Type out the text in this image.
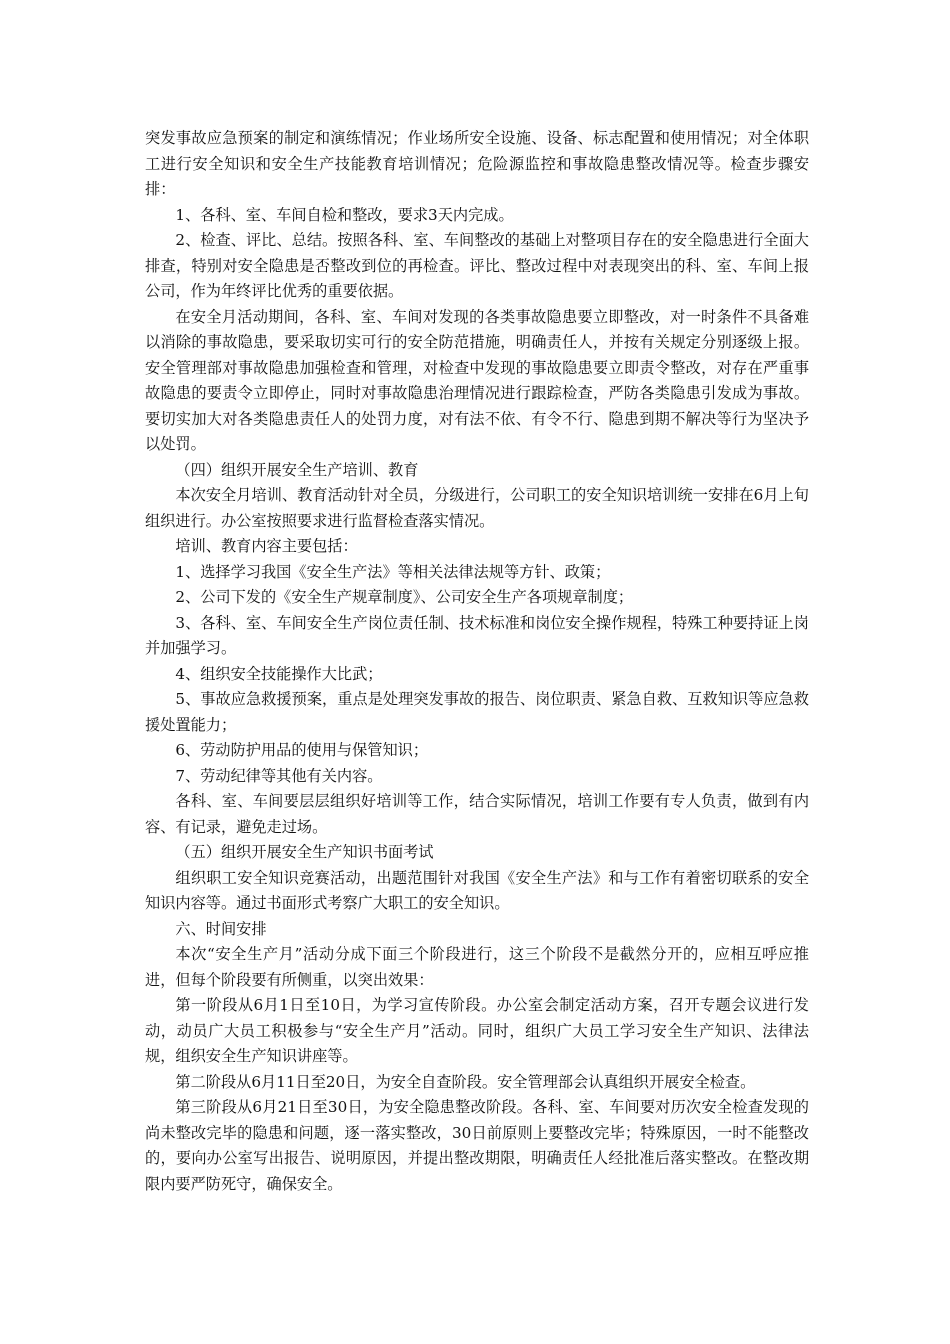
突发事故应急预案的制定和演练情况；作业场所安全设施、设备、标志配置和使用情况；对全体职工进行安全知识和安全生产技能教育培训情况；危险源监控和事故隐患整改情况等。检查步骤安排：

1、各科、室、车间自检和整改，要求3天内完成。

2、检查、评比、总结。按照各科、室、车间整改的基础上对整项目存在的安全隐患进行全面大排查，特别对安全隐患是否整改到位的再检查。评比、整改过程中对表现突出的科、室、车间上报公司，作为年终评比优秀的重要依据。

在安全月活动期间，各科、室、车间对发现的各类事故隐患要立即整改，对一时条件不具备难以消除的事故隐患，要采取切实可行的安全防范措施，明确责任人，并按有关规定分别逐级上报。安全管理部对事故隐患加强检查和管理，对检查中发现的事故隐患要立即责令整改，对存在严重事故隐患的要责令立即停止，同时对事故隐患治理情况进行跟踪检查，严防各类隐患引发成为事故。要切实加大对各类隐患责任人的处罚力度，对有法不依、有令不行、隐患到期不解决等行为坚决予以处罚。

（四）组织开展安全生产培训、教育

本次安全月培训、教育活动针对全员，分级进行，公司职工的安全知识培训统一安排在6月上旬组织进行。办公室按照要求进行监督检查落实情况。

培训、教育内容主要包括：

1、选择学习我国《安全生产法》等相关法律法规等方针、政策；

2、公司下发的《安全生产规章制度》、公司安全生产各项规章制度；

3、各科、室、车间安全生产岗位责任制、技术标准和岗位安全操作规程，特殊工种要持证上岗并加强学习。

4、组织安全技能操作大比武；

5、事故应急救援预案，重点是处理突发事故的报告、岗位职责、紧急自救、互救知识等应急救援处置能力；

6、劳动防护用品的使用与保管知识；

7、劳动纪律等其他有关内容。

各科、室、车间要层层组织好培训等工作，结合实际情况，培训工作要有专人负责，做到有内容、有记录，避免走过场。

（五）组织开展安全生产知识书面考试

组织职工安全知识竞赛活动，出题范围针对我国《安全生产法》和与工作有着密切联系的安全知识内容等。通过书面形式考察广大职工的安全知识。

六、时间安排

本次“安全生产月”活动分成下面三个阶段进行，这三个阶段不是截然分开的，应相互呼应推进，但每个阶段要有所侧重，以突出效果：

第一阶段从6月1日至10日，为学习宣传阶段。办公室会制定活动方案，召开专题会议进行发动，动员广大员工积极参与“安全生产月”活动。同时，组织广大员工学习安全生产知识、法律法规，组织安全生产知识讲座等。

第二阶段从6月11日至20日，为安全自查阶段。安全管理部会认真组织开展安全检查。

第三阶段从6月21日至30日，为安全隐患整改阶段。各科、室、车间要对历次安全检查发现的尚未整改完毕的隐患和问题，逐一落实整改，30日前原则上要整改完毕；特殊原因，一时不能整改的，要向办公室写出报告、说明原因，并提出整改期限，明确责任人经批准后落实整改。在整改期限内要严防死守，确保安全。
